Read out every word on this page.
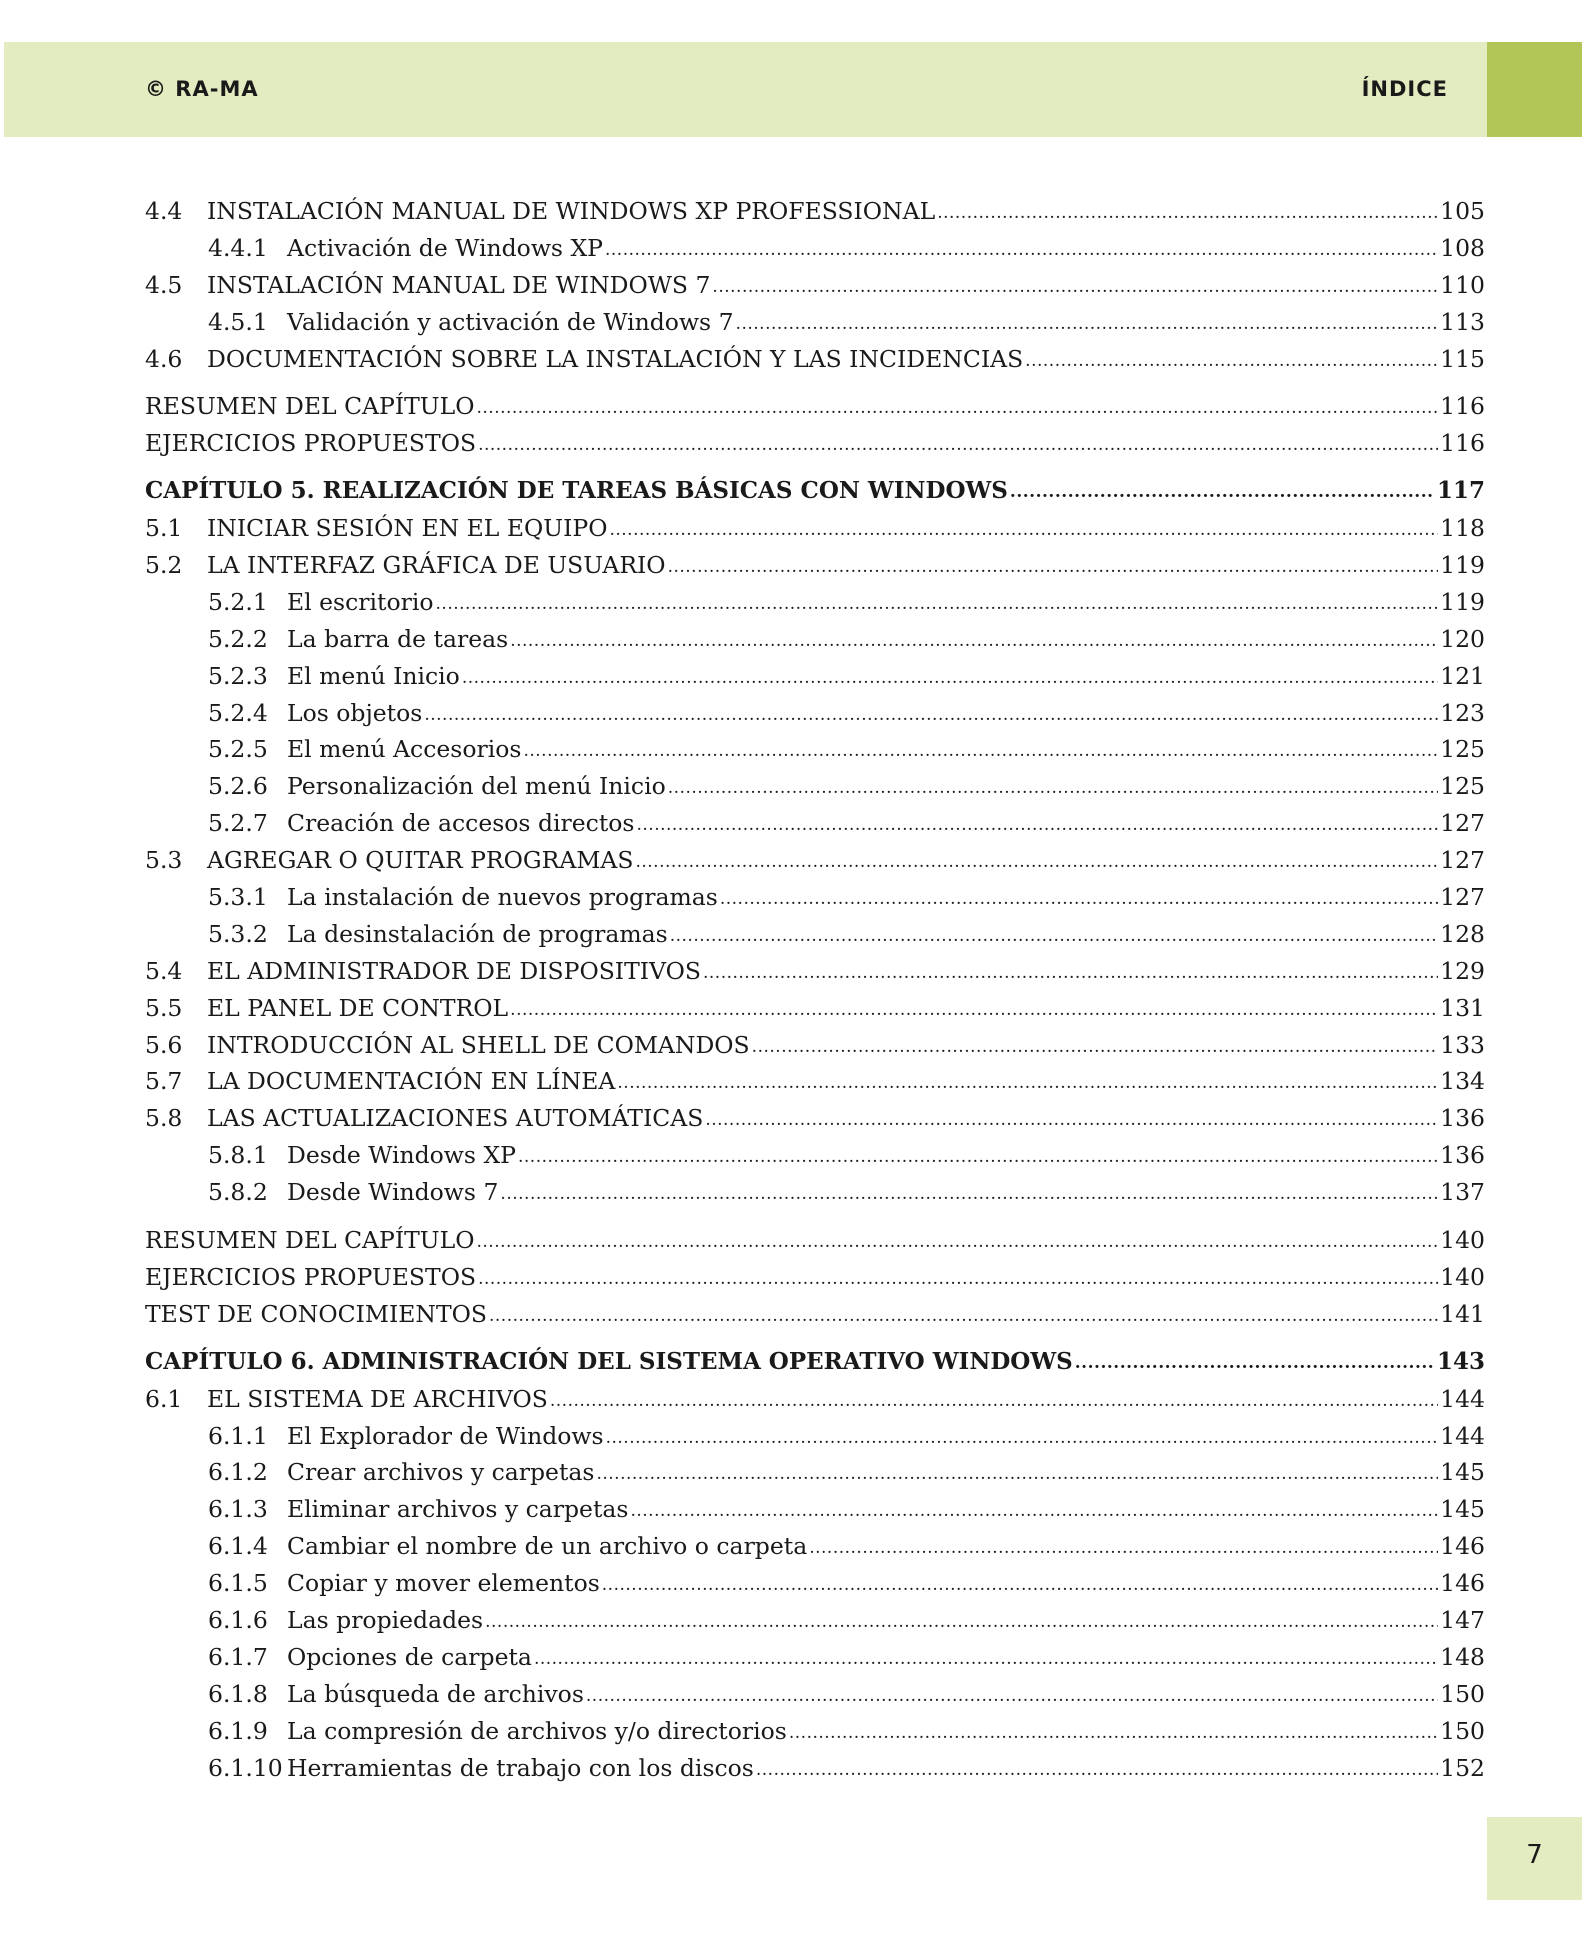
© RA-MA	ÍNDICE
4.4	INSTALACIÓN MANUAL DE WINDOWS XP PROFESSIONAL .....	105
4.4.1 Activación de Windows XP .....	108
4.5	INSTALACIÓN MANUAL DE WINDOWS 7 .....	110
4.5.1 Validación y activación de Windows 7 .....	113
4.6	DOCUMENTACIÓN SOBRE LA INSTALACIÓN Y LAS INCIDENCIAS .....	115
RESUMEN DEL CAPÍTULO .....	116
EJERCICIOS PROPUESTOS .....	116
CAPÍTULO 5. REALIZACIÓN DE TAREAS BÁSICAS CON WINDOWS .....	117
5.1	INICIAR SESIÓN EN EL EQUIPO .....	118
5.2	LA INTERFAZ GRÁFICA DE USUARIO .....	119
5.2.1 El escritorio .....	119
5.2.2 La barra de tareas .....	120
5.2.3 El menú Inicio .....	121
5.2.4 Los objetos .....	123
5.2.5 El menú Accesorios .....	125
5.2.6 Personalización del menú Inicio .....	125
5.2.7 Creación de accesos directos .....	127
5.3	AGREGAR O QUITAR PROGRAMAS .....	127
5.3.1 La instalación de nuevos programas .....	127
5.3.2 La desinstalación de programas .....	128
5.4	EL ADMINISTRADOR DE DISPOSITIVOS .....	129
5.5	EL PANEL DE CONTROL .....	131
5.6	INTRODUCCIÓN AL SHELL DE COMANDOS .....	133
5.7	LA DOCUMENTACIÓN EN LÍNEA .....	134
5.8	LAS ACTUALIZACIONES AUTOMÁTICAS .....	136
5.8.1 Desde Windows XP .....	136
5.8.2 Desde Windows 7 .....	137
RESUMEN DEL CAPÍTULO .....	140
EJERCICIOS PROPUESTOS .....	140
TEST DE CONOCIMIENTOS .....	141
CAPÍTULO 6. ADMINISTRACIÓN DEL SISTEMA OPERATIVO WINDOWS .....	143
6.1	EL SISTEMA DE ARCHIVOS .....	144
6.1.1 El Explorador de Windows .....	144
6.1.2 Crear archivos y carpetas .....	145
6.1.3 Eliminar archivos y carpetas .....	145
6.1.4 Cambiar el nombre de un archivo o carpeta .....	146
6.1.5 Copiar y mover elementos .....	146
6.1.6 Las propiedades .....	147
6.1.7 Opciones de carpeta .....	148
6.1.8 La búsqueda de archivos .....	150
6.1.9 La compresión de archivos y/o directorios .....	150
6.1.10 Herramientas de trabajo con los discos .....	152
7
